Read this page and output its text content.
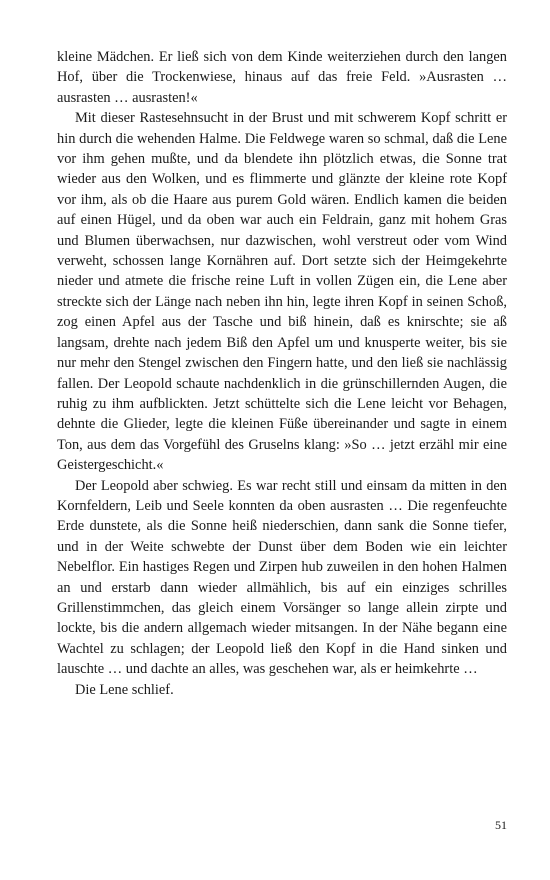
kleine Mädchen. Er ließ sich von dem Kinde weiterziehen durch den langen Hof, über die Trockenwiese, hinaus auf das freie Feld. »Ausrasten … ausrasten … ausrasten!«

Mit dieser Rastesehnsucht in der Brust und mit schwerem Kopf schritt er hin durch die wehenden Halme. Die Feldwege waren so schmal, daß die Lene vor ihm gehen mußte, und da blendete ihn plötzlich etwas, die Sonne trat wieder aus den Wolken, und es flimmerte und glänzte der kleine rote Kopf vor ihm, als ob die Haare aus purem Gold wären. Endlich kamen die beiden auf einen Hügel, und da oben war auch ein Feldrain, ganz mit hohem Gras und Blumen überwachsen, nur dazwischen, wohl verstreut oder vom Wind verweht, schossen lange Kornähren auf. Dort setzte sich der Heimgekehrte nieder und atmete die frische reine Luft in vollen Zügen ein, die Lene aber streckte sich der Länge nach neben ihn hin, legte ihren Kopf in seinen Schoß, zog einen Apfel aus der Tasche und biß hinein, daß es knirschte; sie aß langsam, drehte nach jedem Biß den Apfel um und knusperte weiter, bis sie nur mehr den Stengel zwischen den Fingern hatte, und den ließ sie nachlässig fallen. Der Leopold schaute nachdenklich in die grünschillernden Augen, die ruhig zu ihm aufblickten. Jetzt schüttelte sich die Lene leicht vor Behagen, dehnte die Glieder, legte die kleinen Füße übereinander und sagte in einem Ton, aus dem das Vorgefühl des Gruselns klang: »So … jetzt erzähl mir eine Geistergeschicht.«

Der Leopold aber schwieg. Es war recht still und einsam da mitten in den Kornfeldern, Leib und Seele konnten da oben ausrasten … Die regenfeuchte Erde dunstete, als die Sonne heiß niederschien, dann sank die Sonne tiefer, und in der Weite schwebte der Dunst über dem Boden wie ein leichter Nebelflor. Ein hastiges Regen und Zirpen hub zuweilen in den hohen Halmen an und erstarb dann wieder allmählich, bis auf ein einziges schrilles Grillenstimmchen, das gleich einem Vorsänger so lange allein zirpte und lockte, bis die andern allgemach wieder mitsangen. In der Nähe begann eine Wachtel zu schlagen; der Leopold ließ den Kopf in die Hand sinken und lauschte … und dachte an alles, was geschehen war, als er heimkehrte …

Die Lene schlief.

51
